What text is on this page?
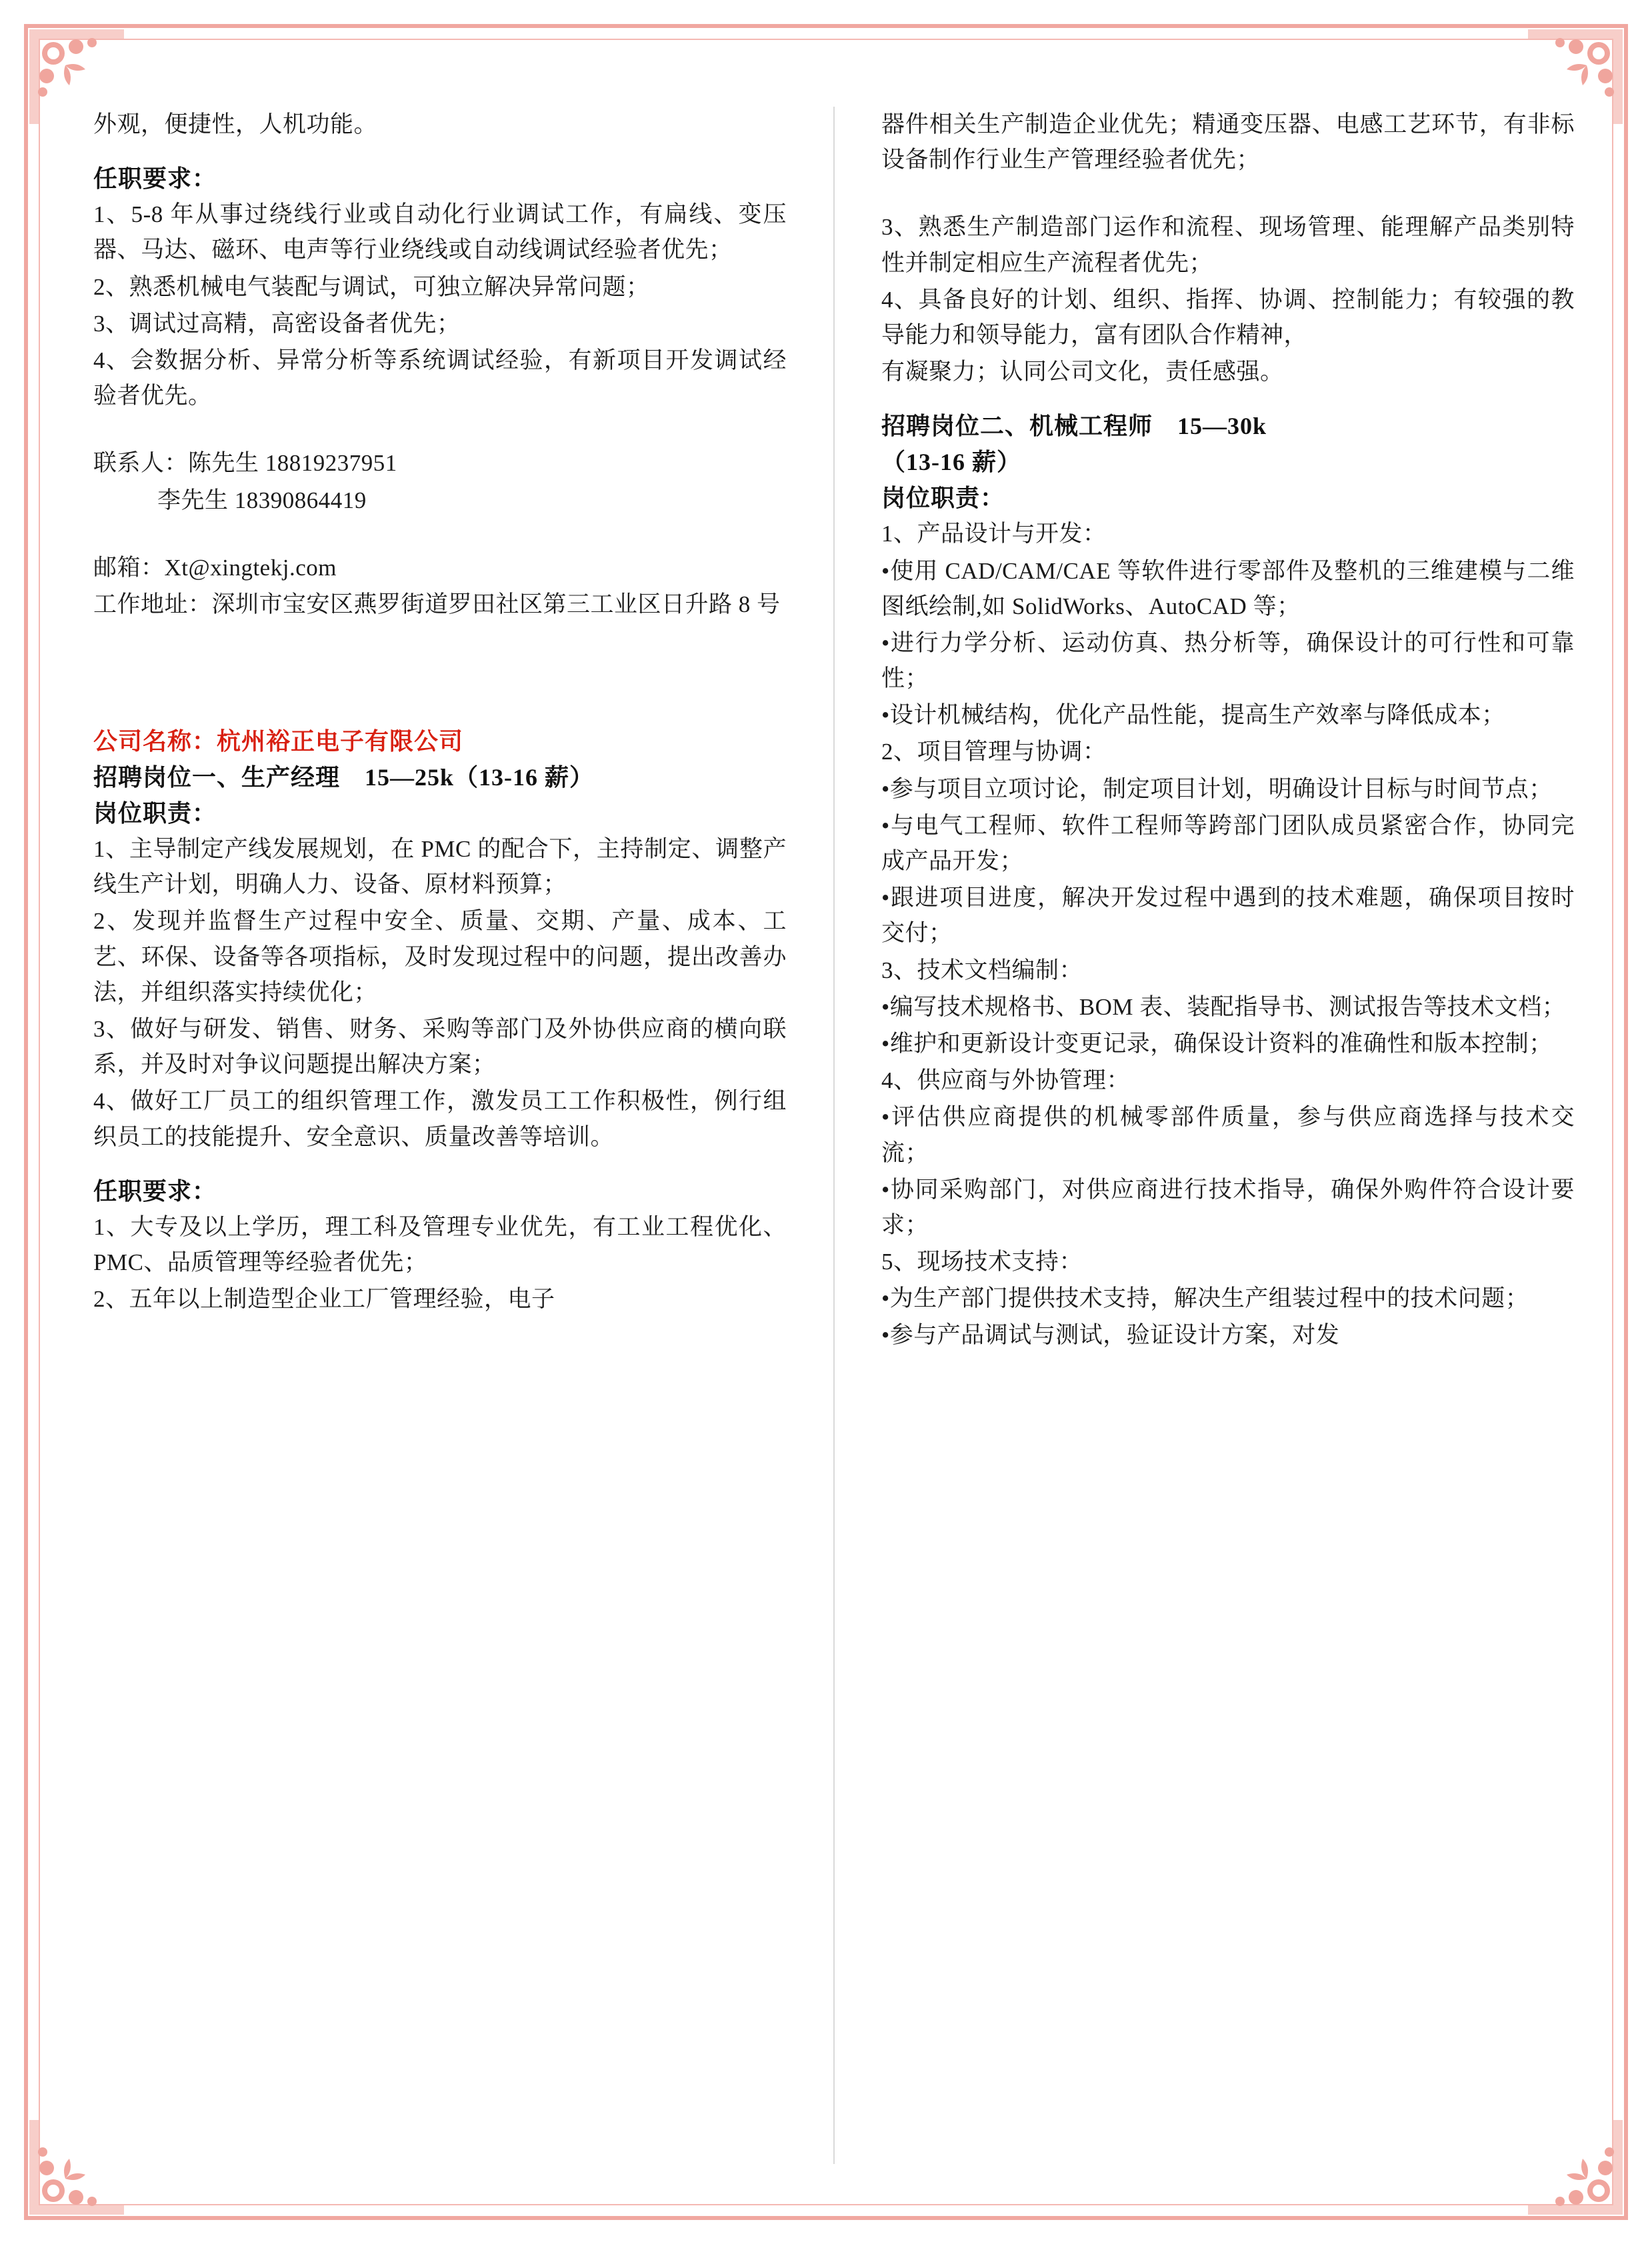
外观，便捷性，人机功能。

任职要求：

1、5-8 年从事过绕线行业或自动化行业调试工作，有扁线、变压器、马达、磁环、电声等行业绕线或自动线调试经验者优先；

2、熟悉机械电气装配与调试，可独立解决异常问题；

3、调试过高精，高密设备者优先；

4、会数据分析、异常分析等系统调试经验，有新项目开发调试经验者优先。

联系人：陈先生 18819237951

李先生 18390864419

邮箱：Xt@xingtekj.com

工作地址：深圳市宝安区燕罗街道罗田社区第三工业区日升路 8 号

公司名称：杭州裕正电子有限公司

招聘岗位一、生产经理　15—25k（13-16 薪）

岗位职责：

1、主导制定产线发展规划，在 PMC 的配合下，主持制定、调整产线生产计划，明确人力、设备、原材料预算；

2、发现并监督生产过程中安全、质量、交期、产量、成本、工艺、环保、设备等各项指标，及时发现过程中的问题，提出改善办法，并组织落实持续优化；

3、做好与研发、销售、财务、采购等部门及外协供应商的横向联系，并及时对争议问题提出解决方案；

4、做好工厂员工的组织管理工作，激发员工工作积极性，例行组织员工的技能提升、安全意识、质量改善等培训。

任职要求：

1、大专及以上学历，理工科及管理专业优先，有工业工程优化、PMC、品质管理等经验者优先；

2、五年以上制造型企业工厂管理经验，电子

器件相关生产制造企业优先；精通变压器、电感工艺环节，有非标设备制作行业生产管理经验者优先；

3、熟悉生产制造部门运作和流程、现场管理、能理解产品类别特性并制定相应生产流程者优先；

4、具备良好的计划、组织、指挥、协调、控制能力；有较强的教导能力和领导能力，富有团队合作精神，

有凝聚力；认同公司文化，责任感强。

招聘岗位二、机械工程师　15—30k

（13-16 薪）

岗位职责：

1、产品设计与开发：

•使用 CAD/CAM/CAE 等软件进行零部件及整机的三维建模与二维图纸绘制,如 SolidWorks、AutoCAD 等；

•进行力学分析、运动仿真、热分析等，确保设计的可行性和可靠性；

•设计机械结构，优化产品性能，提高生产效率与降低成本；

2、项目管理与协调：

•参与项目立项讨论，制定项目计划，明确设计目标与时间节点；

•与电气工程师、软件工程师等跨部门团队成员紧密合作，协同完成产品开发；

•跟进项目进度，解决开发过程中遇到的技术难题，确保项目按时交付；

3、技术文档编制：

•编写技术规格书、BOM 表、装配指导书、测试报告等技术文档；

•维护和更新设计变更记录，确保设计资料的准确性和版本控制；

4、供应商与外协管理：

•评估供应商提供的机械零部件质量，参与供应商选择与技术交流；

•协同采购部门，对供应商进行技术指导，确保外购件符合设计要求；

5、现场技术支持：

•为生产部门提供技术支持，解决生产组装过程中的技术问题；

•参与产品调试与测试，验证设计方案，对发
